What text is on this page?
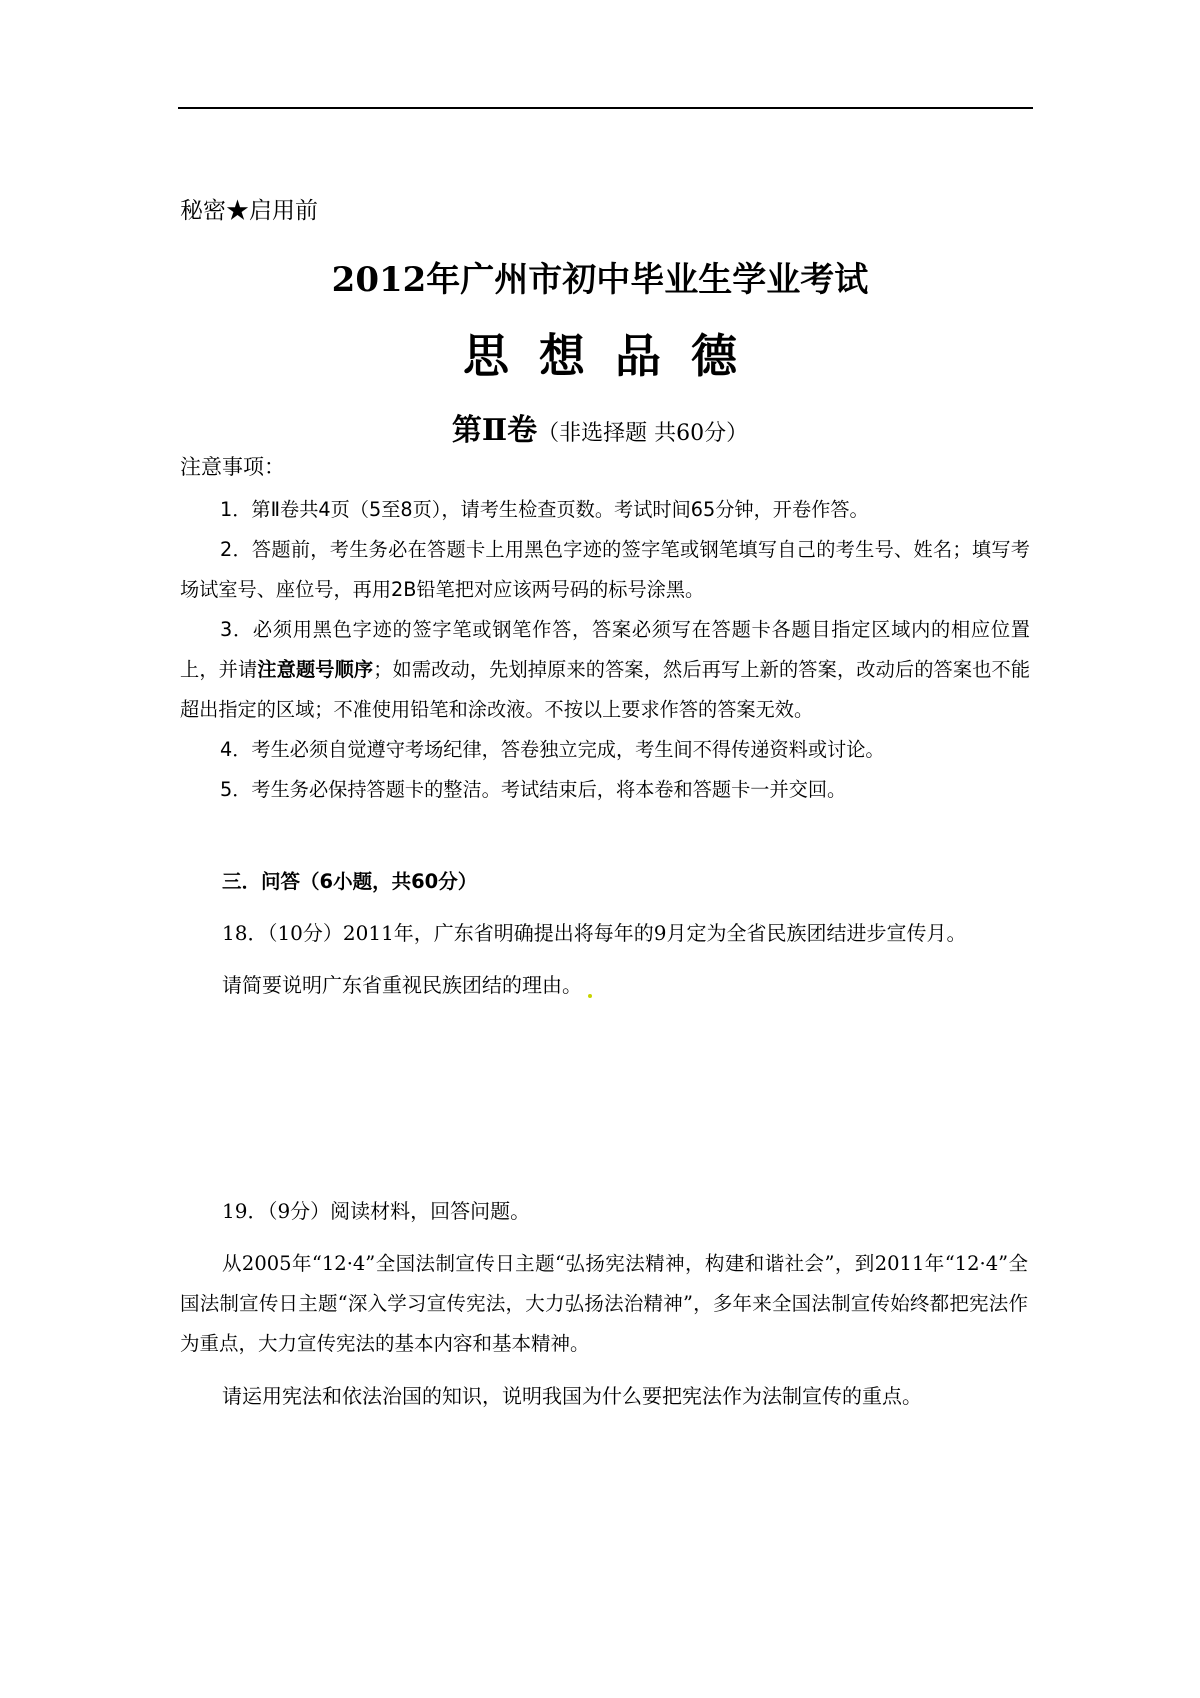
秘密★启用前
2012年广州市初中毕业生学业考试
思想品德
第Ⅱ卷（非选择题 共60分）
注意事项：

1．第Ⅱ卷共4页（5至8页），请考生检查页数。考试时间65分钟，开卷作答。

2．答题前，考生务必在答题卡上用黑色字迹的签字笔或钢笔填写自己的考生号、姓名；填写考场试室号、座位号，再用2B铅笔把对应该两号码的标号涂黑。

3．必须用黑色字迹的签字笔或钢笔作答，答案必须写在答题卡各题目指定区域内的相应位置上，并请注意题号顺序；如需改动，先划掉原来的答案，然后再写上新的答案，改动后的答案也不能超出指定的区域；不准使用铅笔和涂改液。不按以上要求作答的答案无效。

4．考生必须自觉遵守考场纪律，答卷独立完成，考生间不得传递资料或讨论。

5．考生务必保持答题卡的整洁。考试结束后，将本卷和答题卡一并交回。

三．问答（6小题，共60分）
18．（10分）2011年，广东省明确提出将每年的9月定为全省民族团结进步宣传月。
请简要说明广东省重视民族团结的理由。
19．（9分）阅读材料，回答问题。

从2005年“12·4”全国法制宣传日主题“弘扬宪法精神，构建和谐社会”，到2011年“12·4”全国法制宣传日主题“深入学习宣传宪法，大力弘扬法治精神”，多年来全国法制宣传始终都把宪法作为重点，大力宣传宪法的基本内容和基本精神。

请运用宪法和依法治国的知识，说明我国为什么要把宪法作为法制宣传的重点。
